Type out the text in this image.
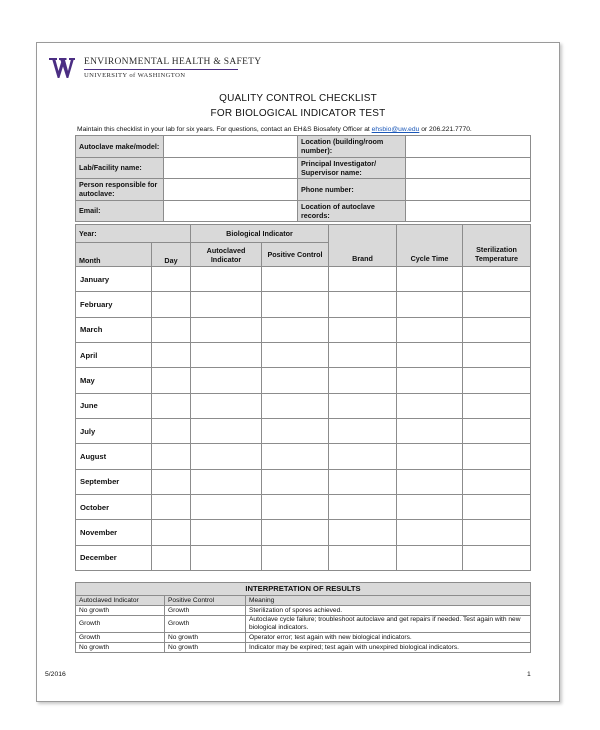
ENVIRONMENTAL HEALTH & SAFETY
UNIVERSITY of WASHINGTON
QUALITY CONTROL CHECKLIST
FOR BIOLOGICAL INDICATOR TEST
Maintain this checklist in your lab for six years. For questions, contact an EH&S Biosafety Officer at ehsbio@uw.edu or 206.221.7770.
Autoclave make/model:		Location (building/room number):	
Lab/Facility name:		Principal Investigator/ Supervisor name:	
Person responsible for autoclave:		Phone number:	
Email:		Location of autoclave records:	
Year:		Biological Indicator		Brand	Cycle Time	Sterilization Temperature
Month	Day	Autoclaved Indicator	Positive Control			
January						
February						
March						
April						
May						
June						
July						
August						
September						
October						
November						
December						
INTERPRETATION OF RESULTS		
Autoclaved Indicator	Positive Control	Meaning
No growth	Growth	Sterilization of spores achieved.
Growth	Growth	Autoclave cycle failure; troubleshoot autoclave and get repairs if needed. Test again with new biological indicators.
Growth	No growth	Operator error; test again with new biological indicators.
No growth	No growth	Indicator may be expired; test again with unexpired biological indicators.
5/2016	1
